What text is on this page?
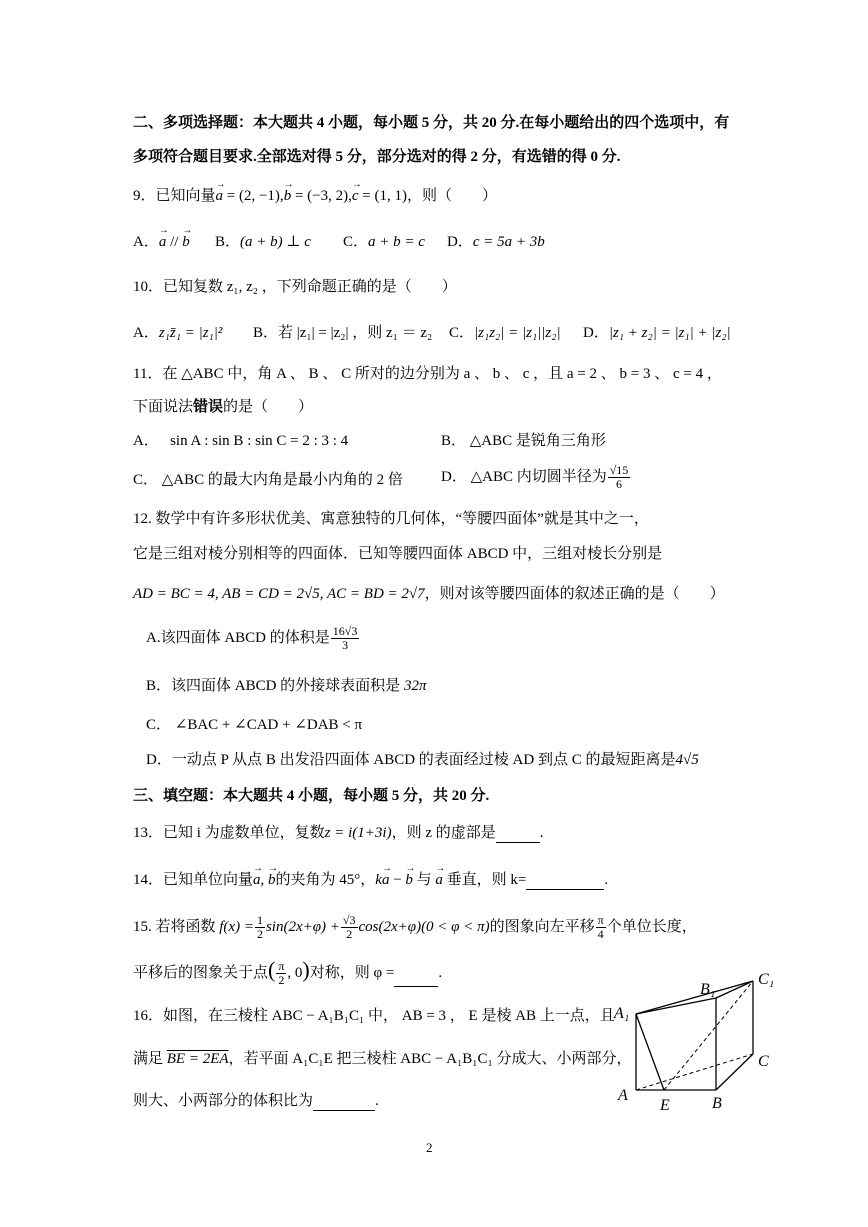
二、多项选择题：本大题共 4 小题，每小题 5 分，共 20 分.在每小题给出的四个选项中，有
多项符合题目要求.全部选对得 5 分，部分选对的得 2 分，有选错的得 0 分.
9．已知向量→ a = (2, −1),→ b = (−3, 2),→ c = (1, 1)，则（　　）
A．→ a // → b B．(a + b) ⊥ c C．a + b = c D．c = 5a + 3b
10．已知复数 z₁, z₂ ，下列命题正确的是（　　）
A．z₁z̄₁ = |z₁|² B．若 |z₁| = |z₂| ，则 z₁ ＝ z₂ C．|z₁z₂| = |z₁||z₂| D．|z₁ + z₂| = |z₁| + |z₂|
11．在 △ABC 中，角 A 、 B 、 C 所对的边分别为 a 、 b 、 c ，且 a = 2 、 b = 3 、 c = 4 ，
下面说法错误的是（　　）
A．　 sin A : sin B : sin C = 2 : 3 : 4	B． △ABC 是锐角三角形
C． △ABC 的最大内角是最小内角的 2 倍	D． △ABC 内切圆半径为 $\frac{√15}{6}$
12. 数学中有许多形状优美、寓意独特的几何体，“等腰四面体”就是其中之一，
它是三组对棱分别相等的四面体．已知等腰四面体 ABCD 中，三组对棱长分别是
AD = BC = 4, AB = CD = 2√5, AC = BD = 2√7，则对该等腰四面体的叙述正确的是（　　）
A.该四面体 ABCD 的体积是 $\frac{16√3}{3}$
B．该四面体 ABCD 的外接球表面积是 32π
C． ∠BAC + ∠CAD + ∠DAB < π
D．一动点 P 从点 B 出发沿四面体 ABCD 的表面经过棱 AD 到点 C 的最短距离是4√5
三、填空题：本大题共 4 小题，每小题 5 分，共 20 分.
13．已知 i 为虚数单位，复数z = i(1+3i)，则 z 的虚部是	.
14．已知单位向量→ a, → b的夹角为 45°，k→ a − → b 与 → a 垂直，则 k=	.
15. 若将函数 $f(x) = \frac{1}{2} \sin(2x+\varphi) + \frac{√3}{2} \cos(2x+\varphi)(0 < \varphi < \pi)$的图象向左平移 $\frac{\pi}{4}$ 个单位长度，
平移后的图象关于点( $\frac{\pi}{2}$ , 0)对称，则 φ =	.
16．如图，在三棱柱 ABC − A₁B₁C₁ 中， AB = 3 ， E 是棱 AB 上一点，且
满足 BE = 2EA，若平面 A₁C₁E 把三棱柱 ABC − A₁B₁C₁ 分成大、小两部分，
则大、小两部分的体积比为	.
A₁
B₁
C₁
A
E	B
C
2
